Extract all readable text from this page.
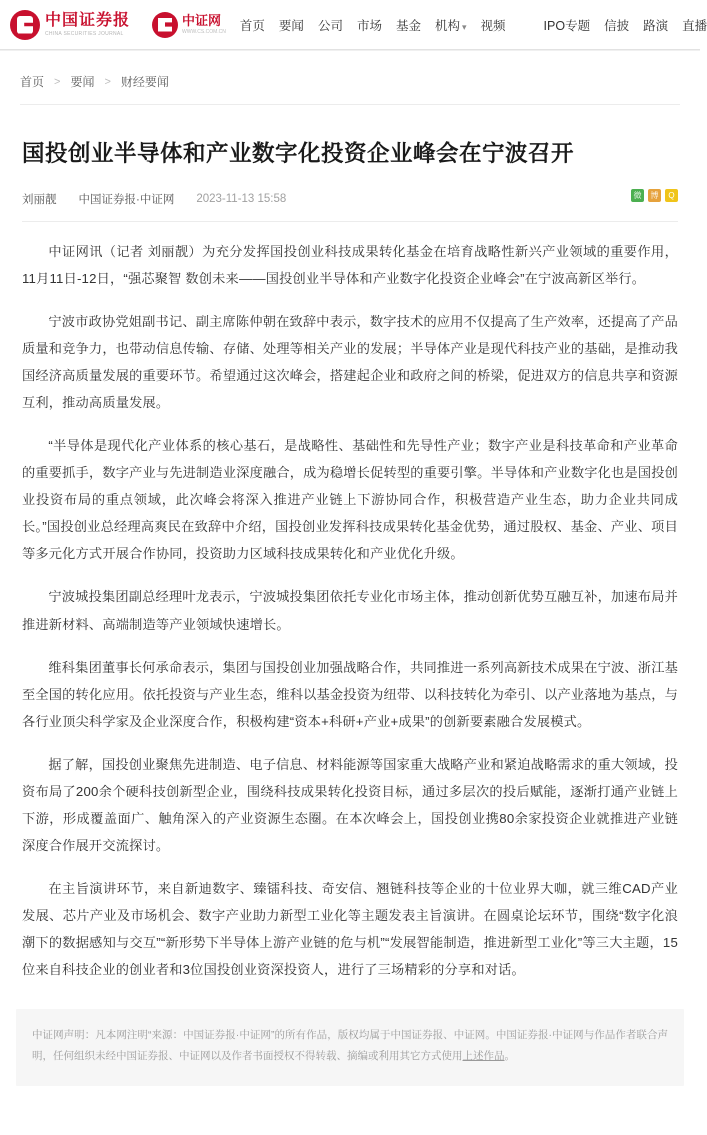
中国证券报
CHINA SECURITIES JOURNAL
中证网
WWW.CS.COM.CN 首页 要闻 公司 市场 基金 机构 ▾	视频	IPO专题 信披 路演 直播
首页 > 要闻 > 财经要闻
国投创业半导体和产业数字化投资企业峰会在宁波召开
刘丽靓 中国证券报·中证网 2023-11-13 15:58	微	博	Q

中证网讯（记者 刘丽靓）为充分发挥国投创业科技成果转化基金在培育战略性新兴产业领域的重要作用，11月11日-12日，“强芯聚智 数创未来——国投创业半导体和产业数字化投资企业峰会”在宁波高新区举行。

宁波市政协党姐副书记、副主席陈仲朝在致辞中表示，数字技术的应用不仅提高了生产效率，还提高了产品质量和竞争力，也带动信息传输、存储、处理等相关产业的发展；半导体产业是现代科技产业的基础，是推动我国经济高质量发展的重要环节。希望通过这次峰会，搭建起企业和政府之间的桥梁，促进双方的信息共享和资源互利，推动高质量发展。

“半导体是现代化产业体系的核心基石，是战略性、基础性和先导性产业；数字产业是科技革命和产业革命的重要抓手，数字产业与先进制造业深度融合，成为稳增长促转型的重要引擎。半导体和产业数字化也是国投创业投资布局的重点领域，此次峰会将深入推进产业链上下游协同合作，积极营造产业生态，助力企业共同成长。”国投创业总经理高爽民在致辞中介绍，国投创业发挥科技成果转化基金优势，通过股权、基金、产业、项目等多元化方式开展合作协同，投资助力区域科技成果转化和产业优化升级。

宁波城投集团副总经理叶龙表示，宁波城投集团依托专业化市场主体，推动创新优势互融互补，加速布局并推进新材料、高端制造等产业领域快速增长。

维科集团董事长何承命表示，集团与国投创业加强战略合作，共同推进一系列高新技术成果在宁波、浙江基至全国的转化应用。依托投资与产业生态，维科以基金投资为纽带、以科技转化为牵引、以产业落地为基点，与各行业顶尖科学家及企业深度合作，积极构建“资本+科研+产业+成果”的创新要素融合发展模式。

据了解，国投创业聚焦先进制造、电子信息、材料能源等国家重大战略产业和紧迫战略需求的重大领域，投资布局了200余个硬科技创新型企业，围绕科技成果转化投资目标，通过多层次的投后赋能，逐渐打通产业链上下游，形成覆盖面广、触角深入的产业资源生态圈。在本次峰会上，国投创业携80余家投资企业就推进产业链深度合作展开交流探讨。

在主旨演讲环节，来自新迪数字、臻镭科技、奇安信、翘链科技等企业的十位业界大咖，就三维CAD产业发展、芯片产业及市场机会、数字产业助力新型工业化等主题发表主旨演讲。在圆桌论坛环节，围绕“数字化浪潮下的数据感知与交互”“新形势下半导体上游产业链的危与机”“发展智能制造，推进新型工业化”等三大主题，15位来自科技企业的创业者和3位国投创业资深投资人，进行了三场精彩的分享和对话。

中证网声明：凡本网注明“来源：中国证券报·中证网”的所有作品，版权均属于中国证券报、中证网。中国证券报·中证网与作品作者联合声明，任何组织未经中国证券报、中证网以及作者书面授权不得转载、摘编或利用其它方式使用上述作品。
